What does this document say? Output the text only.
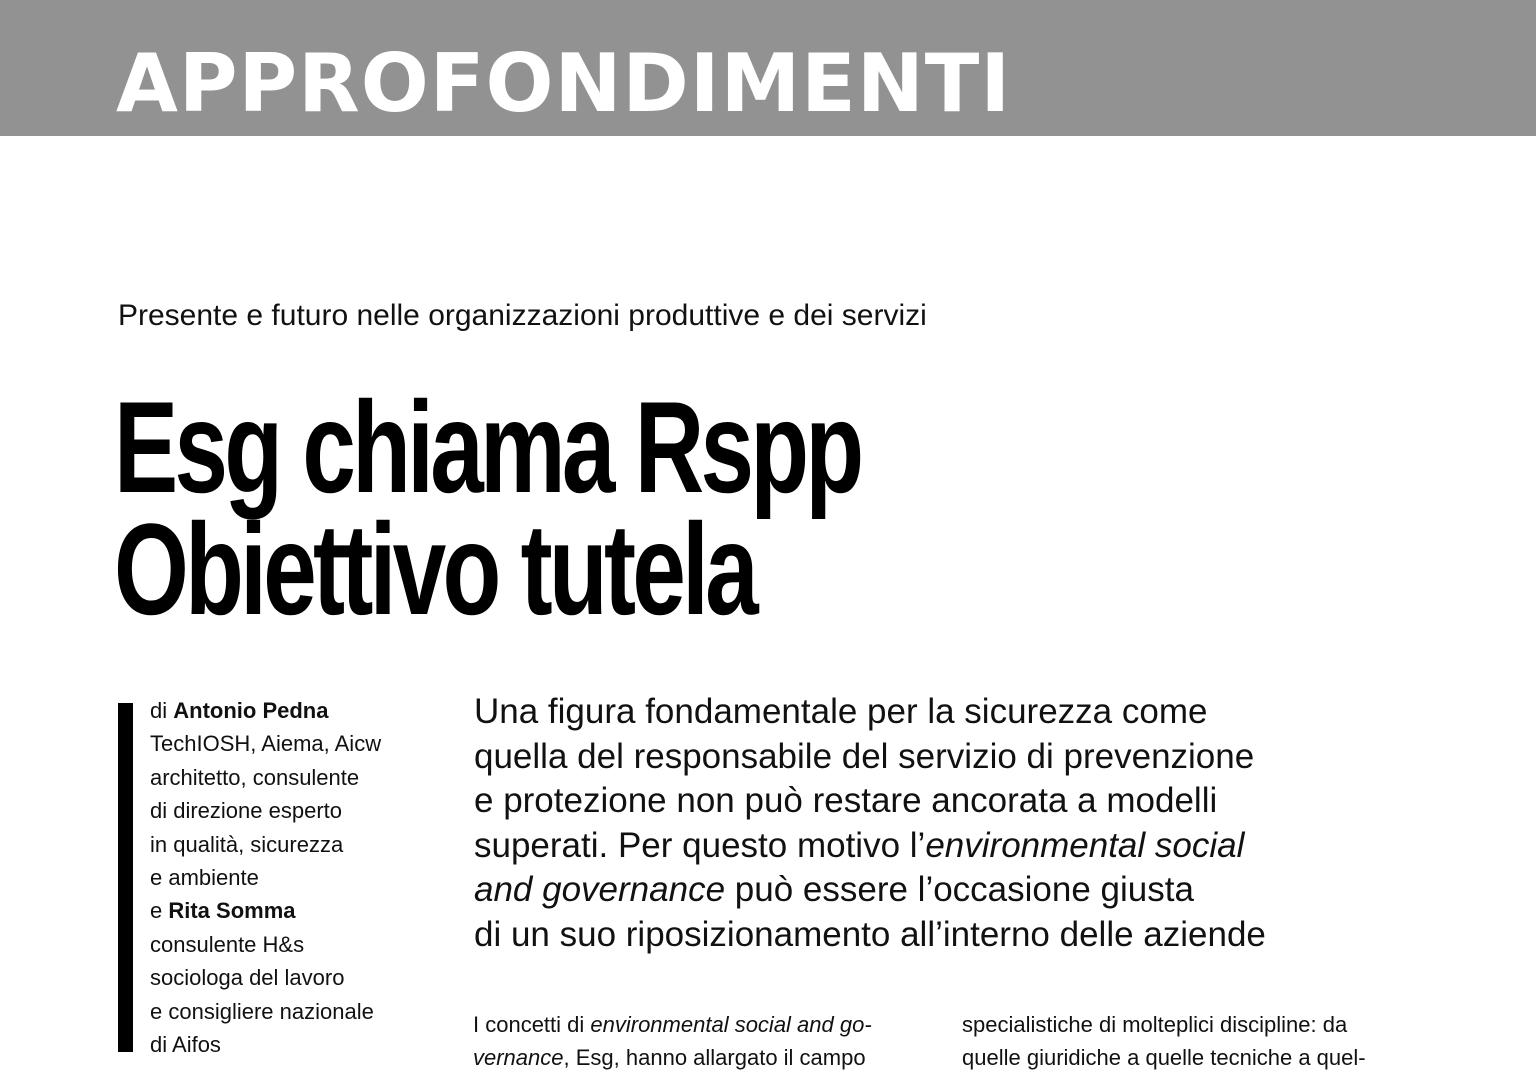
APPROFONDIMENTI

Presente e futuro nelle organizzazioni produttive e dei servizi

Esg chiama Rspp
Obiettivo tutela
di Antonio Pedna
TechIOSH, Aiema, Aicw
architetto, consulente
di direzione esperto
in qualità, sicurezza
e ambiente
e Rita Somma
consulente H&s
sociologa del lavoro
e consigliere nazionale
di Aifos
Una figura fondamentale per la sicurezza come
quella del responsabile del servizio di prevenzione
e protezione non può restare ancorata a modelli
superati. Per questo motivo l’environmental social
and governance può essere l’occasione giusta
di un suo riposizionamento all’interno delle aziende
I concetti di environmental social and go-
vernance, Esg, hanno allargato il campo
specialistiche di molteplici discipline: da
quelle giuridiche a quelle tecniche a quel-
